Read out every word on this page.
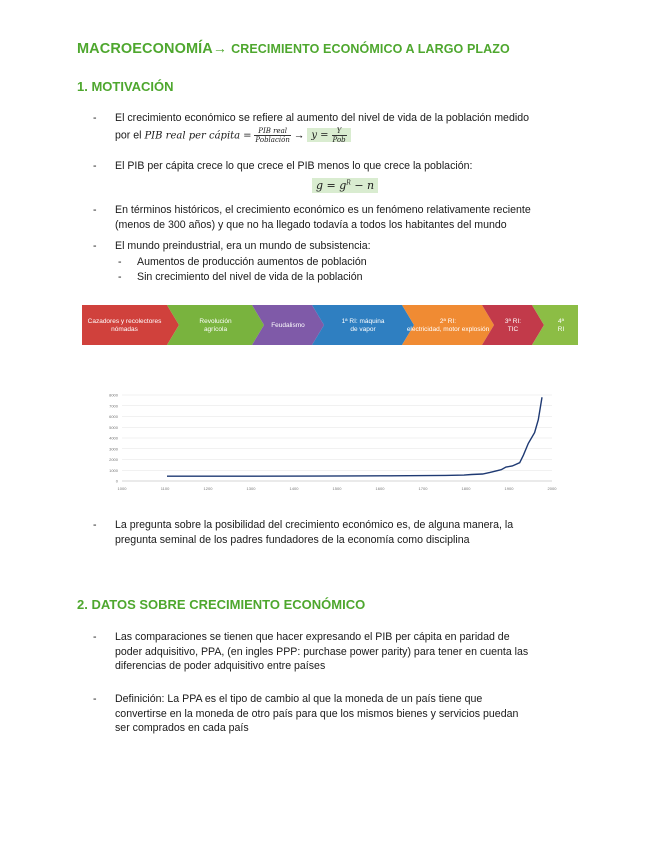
MACROECONOMÍA→ CRECIMIENTO ECONÓMICO A LARGO PLAZO
1. MOTIVACIÓN
- El crecimiento económico se refiere al aumento del nivel de vida de la población medido
por el PIB real per cápita = $\frac{\text{PIB real}}{\text{Población}} \to y = \frac{Y}{\text{Pob}}$
- El PIB per cápita crece lo que crece el PIB menos lo que crece la población:
$g = g^R - n$
- En términos históricos, el crecimiento económico es un fenómeno relativamente reciente
(menos de 300 años) y que no ha llegado todavía a todos los habitantes del mundo
- El mundo preindustrial, era un mundo de subsistencia:
- Aumentos de producción aumentos de población
- Sin crecimiento del nivel de vida de la población
Cazadores y recolectores
nómadas
Revolución
agrícola
Feudalismo
1ª RI: máquina
de vapor
2ª RI:
electricidad, motor explosión
3ª RI:
TIC
4ª
RI
0
1000
2000
3000
4000
5000
6000
7000
8000
1000	1100	1200	1300	1400	1500	1600	1700	1800	1900	2000
- La pregunta sobre la posibilidad del crecimiento económico es, de alguna manera, la
pregunta seminal de los padres fundadores de la economía como disciplina
2. DATOS SOBRE CRECIMIENTO ECONÓMICO
- Las comparaciones se tienen que hacer expresando el PIB per cápita en paridad de
poder adquisitivo, PPA, (en ingles PPP: purchase power parity) para tener en cuenta las
diferencias de poder adquisitivo entre países
- Definición: La PPA es el tipo de cambio al que la moneda de un país tiene que
convertirse en la moneda de otro país para que los mismos bienes y servicios puedan
ser comprados en cada país
